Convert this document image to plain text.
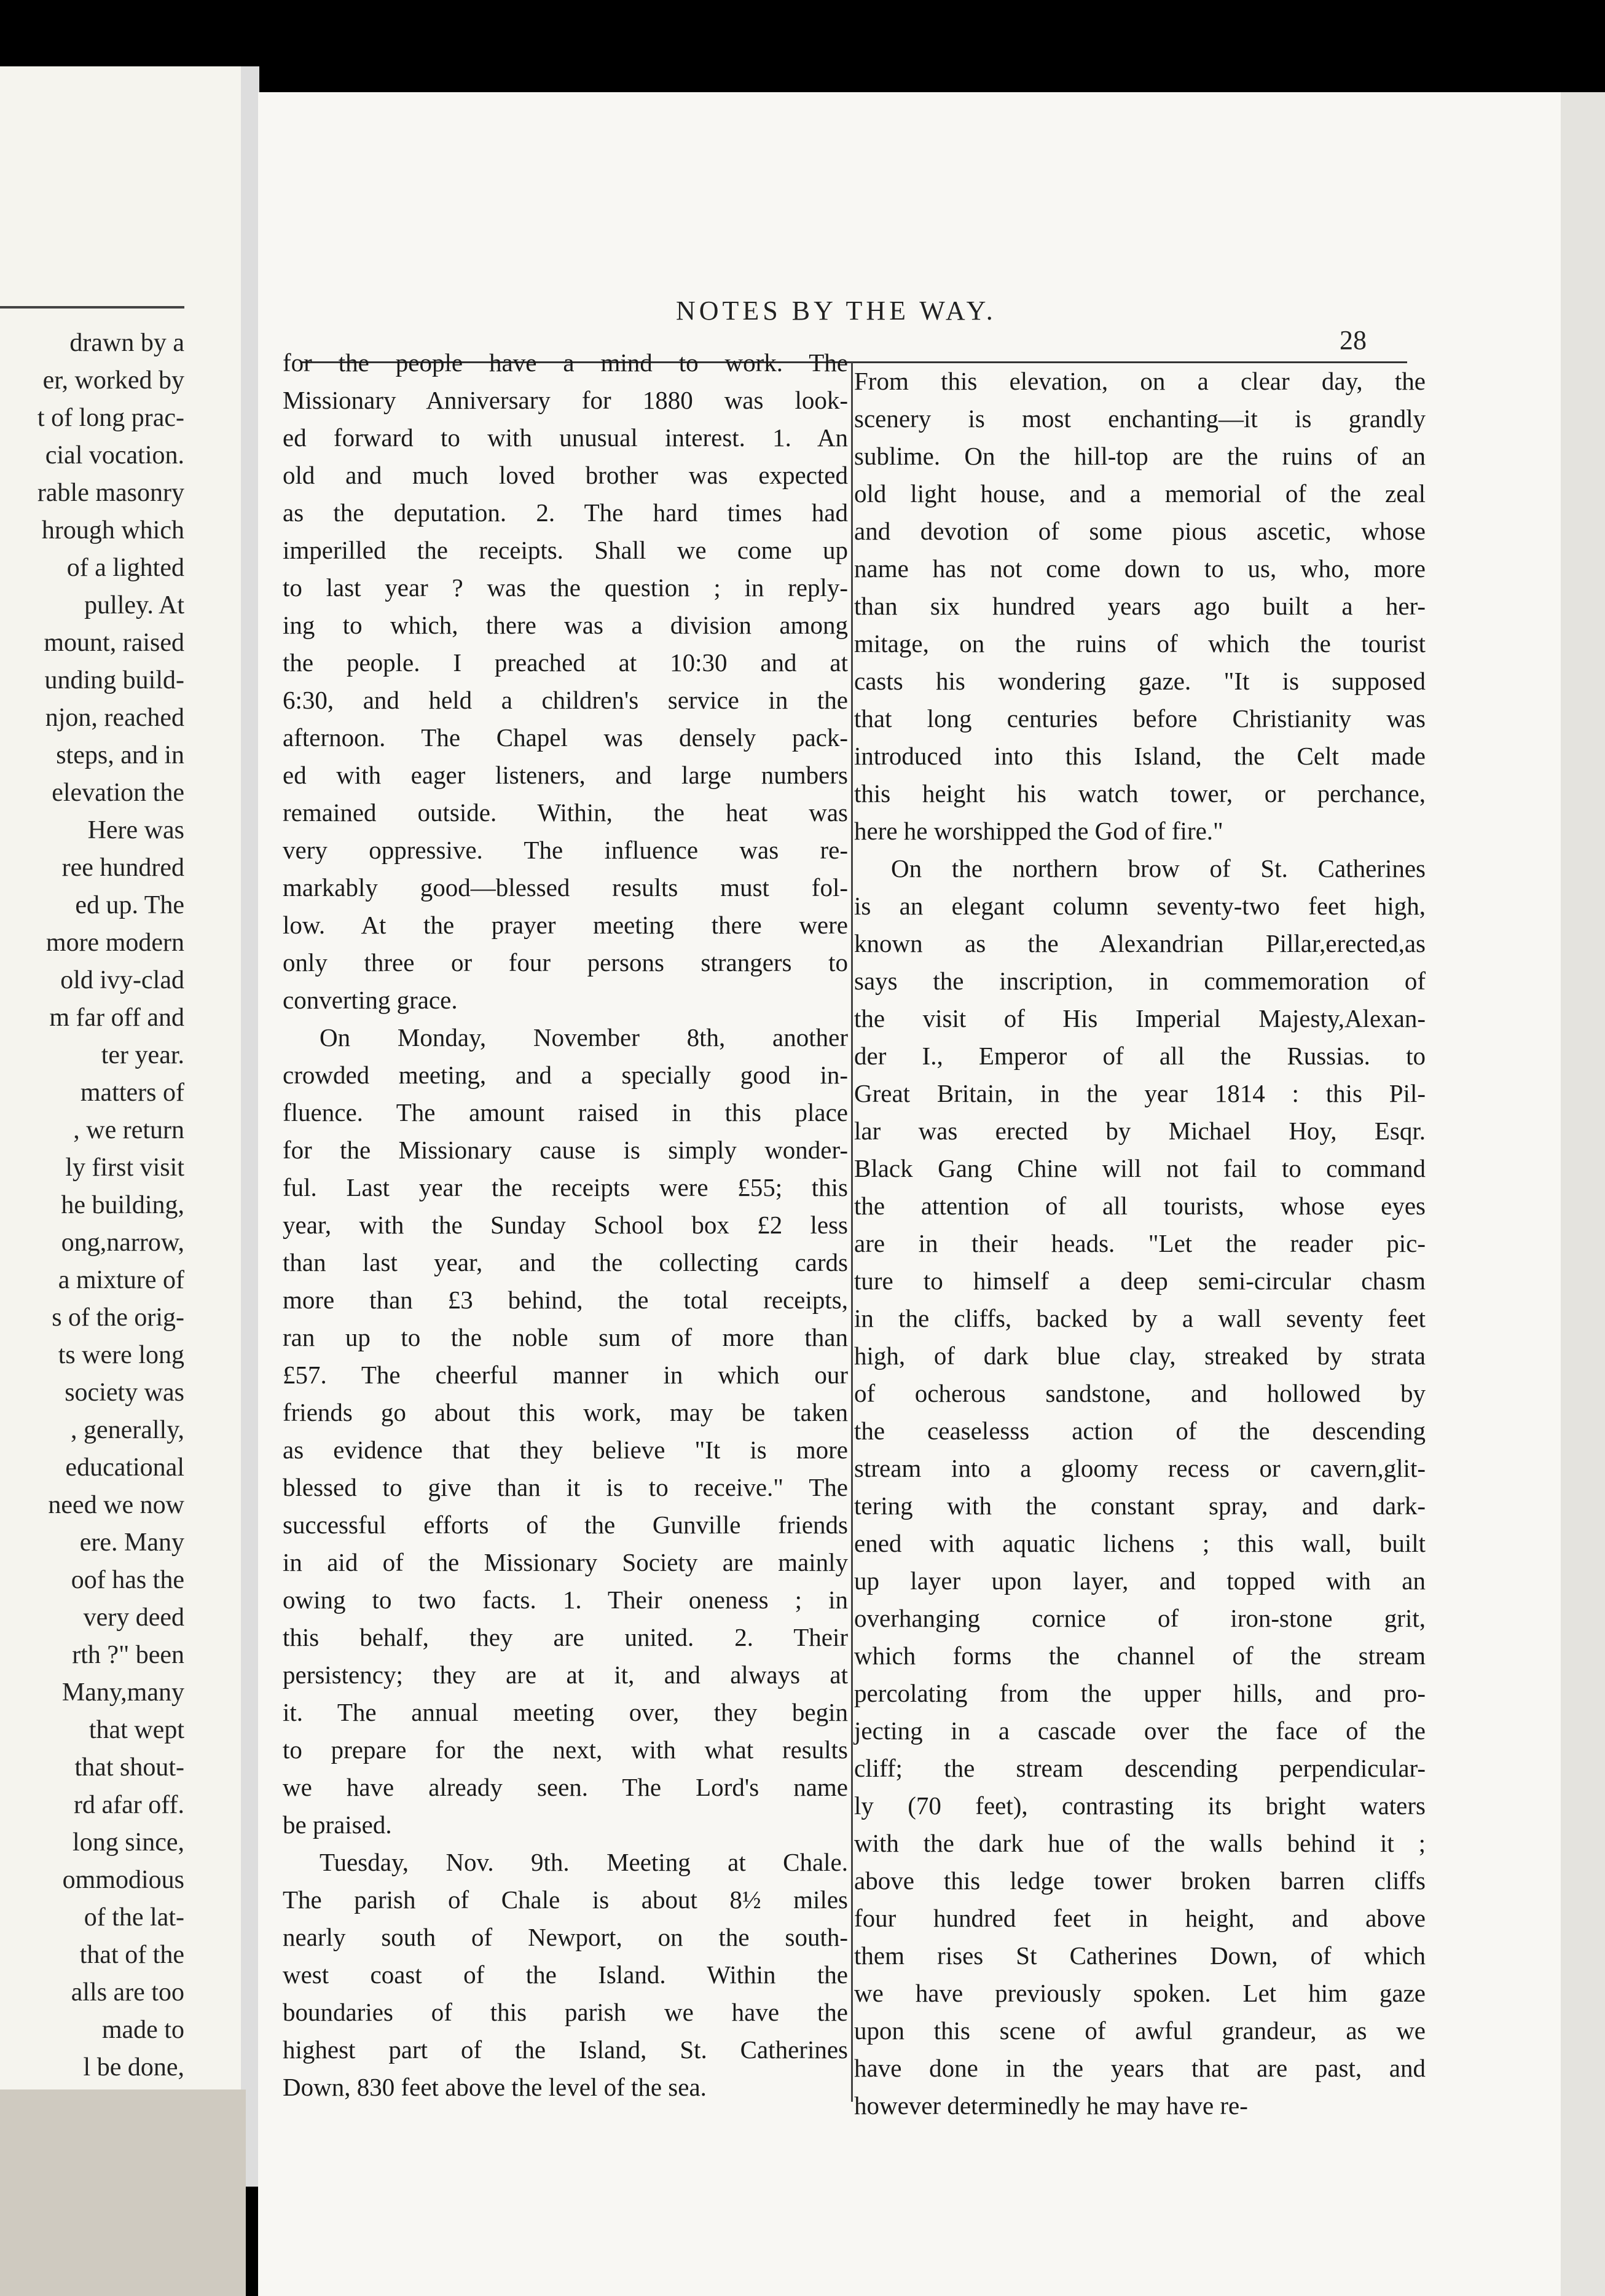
drawn by a
er, worked by
t of long prac-
cial vocation.
rable masonry
hrough which
of a lighted
pulley. At
mount, raised
unding build-
njon, reached
steps, and in
elevation the
Here was
ree hundred
ed up. The
more modern
old ivy-clad
m far off and
ter year.
matters of
, we return
ly first visit
he building,
ong,narrow,
a mixture of
s of the orig-
ts were long
society was
, generally,
educational
need we now
ere. Many
oof has the
very deed
rth ?" been
Many,many
that wept
that shout-
rd afar off.
long since,
ommodious
of the lat-
that of the
alls are too
made to
l be done,
NOTES BY THE WAY.
28
for the people have a mind to work. The
Missionary Anniversary for 1880 was look-
ed forward to with unusual interest. 1. An
old and much loved brother was expected
as the deputation. 2. The hard times had
imperilled the receipts. Shall we come up
to last year ? was the question ; in reply-
ing to which, there was a division among
the people. I preached at 10:30 and at
6:30, and held a children's service in the
afternoon. The Chapel was densely pack-
ed with eager listeners, and large numbers
remained outside. Within, the heat was
very oppressive. The influence was re-
markably good—blessed results must fol-
low. At the prayer meeting there were
only three or four persons strangers to
converting grace.
On Monday, November 8th, another
crowded meeting, and a specially good in-
fluence. The amount raised in this place
for the Missionary cause is simply wonder-
ful. Last year the receipts were £55; this
year, with the Sunday School box £2 less
than last year, and the collecting cards
more than £3 behind, the total receipts,
ran up to the noble sum of more than
£57. The cheerful manner in which our
friends go about this work, may be taken
as evidence that they believe "It is more
blessed to give than it is to receive." The
successful efforts of the Gunville friends
in aid of the Missionary Society are mainly
owing to two facts. 1. Their oneness ; in
this behalf, they are united. 2. Their
persistency; they are at it, and always at
it. The annual meeting over, they begin
to prepare for the next, with what results
we have already seen. The Lord's name
be praised.
Tuesday, Nov. 9th. Meeting at Chale.
The parish of Chale is about 8½ miles
nearly south of Newport, on the south-
west coast of the Island. Within the
boundaries of this parish we have the
highest part of the Island, St. Catherines
Down, 830 feet above the level of the sea.
From this elevation, on a clear day, the
scenery is most enchanting—it is grandly
sublime. On the hill-top are the ruins of an
old light house, and a memorial of the zeal
and devotion of some pious ascetic, whose
name has not come down to us, who, more
than six hundred years ago built a her-
mitage, on the ruins of which the tourist
casts his wondering gaze. "It is supposed
that long centuries before Christianity was
introduced into this Island, the Celt made
this height his watch tower, or perchance,
here he worshipped the God of fire."
On the northern brow of St. Catherines
is an elegant column seventy-two feet high,
known as the Alexandrian Pillar,erected,as
says the inscription, in commemoration of
the visit of His Imperial Majesty,Alexan-
der I., Emperor of all the Russias. to
Great Britain, in the year 1814 : this Pil-
lar was erected by Michael Hoy, Esqr.
Black Gang Chine will not fail to command
the attention of all tourists, whose eyes
are in their heads. "Let the reader pic-
ture to himself a deep semi-circular chasm
in the cliffs, backed by a wall seventy feet
high, of dark blue clay, streaked by strata
of ocherous sandstone, and hollowed by
the ceaselesss action of the descending
stream into a gloomy recess or cavern,glit-
tering with the constant spray, and dark-
ened with aquatic lichens ; this wall, built
up layer upon layer, and topped with an
overhanging cornice of iron-stone grit,
which forms the channel of the stream
percolating from the upper hills, and pro-
jecting in a cascade over the face of the
cliff; the stream descending perpendicular-
ly (70 feet), contrasting its bright waters
with the dark hue of the walls behind it ;
above this ledge tower broken barren cliffs
four hundred feet in height, and above
them rises St Catherines Down, of which
we have previously spoken. Let him gaze
upon this scene of awful grandeur, as we
have done in the years that are past, and
however determinedly he may have re-
